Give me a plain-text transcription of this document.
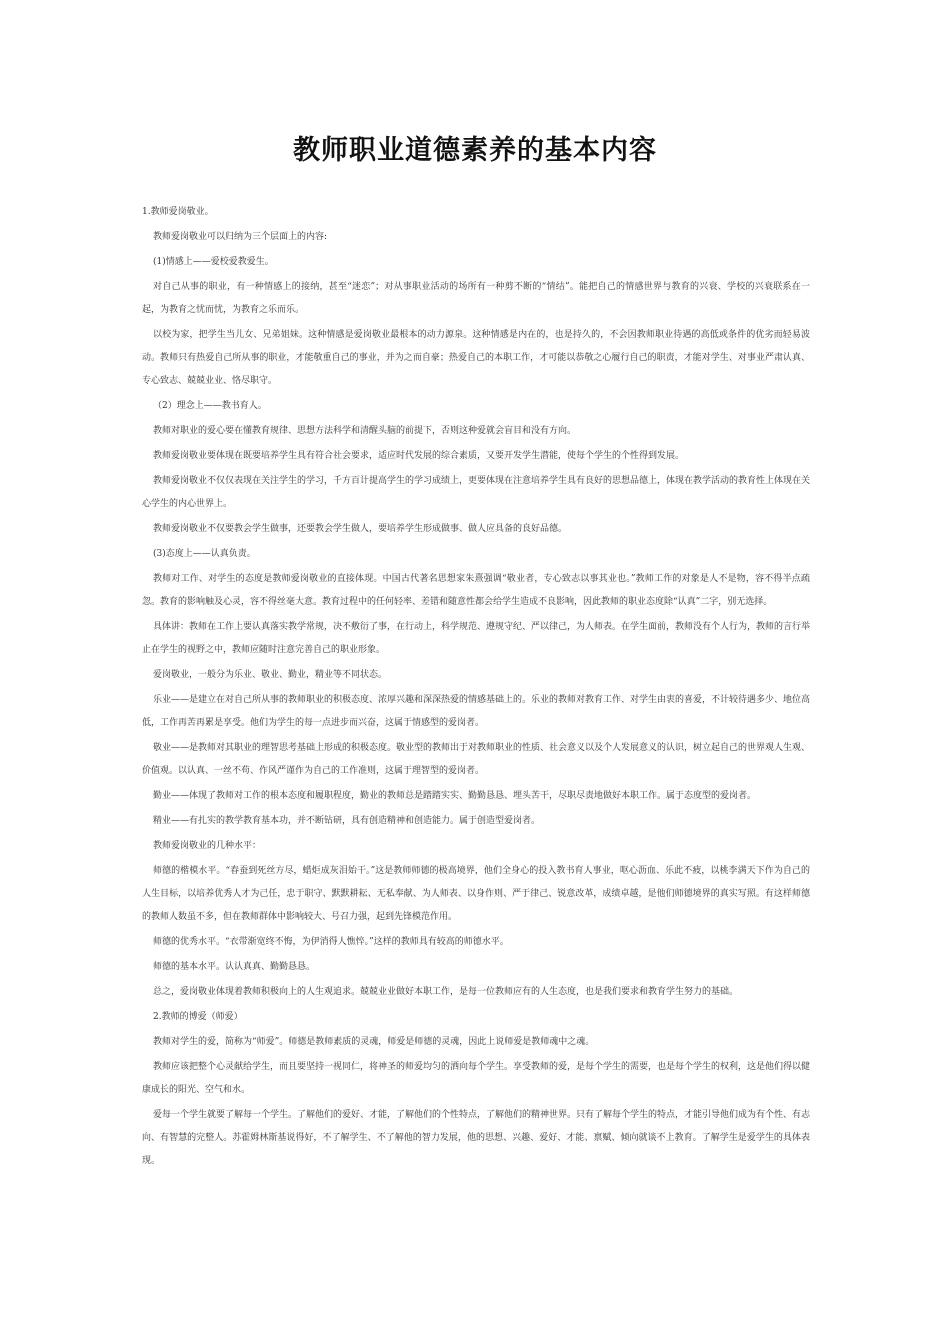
教师职业道德素养的基本内容

1.教师爱岗敬业。

教师爱岗敬业可以归纳为三个层面上的内容:

(1)情感上——爱校爱教爱生。

对自己从事的职业，有一种情感上的接纳，甚至“迷恋”；对从事职业活动的场所有一种剪不断的“情结”。能把自己的情感世界与教育的兴衰、学校的兴衰联系在一起，为教育之忧而忧，为教育之乐而乐。

以校为家，把学生当儿女、兄弟姐妹。这种情感是爱岗敬业最根本的动力源泉。这种情感是内在的，也是持久的，不会因教师职业待遇的高低或条件的优劣而轻易波动。教师只有热爱自己所从事的职业，才能敬重自己的事业，并为之而自豪；热爱自己的本职工作，才可能以恭敬之心履行自己的职责，才能对学生、对事业严肃认真、专心致志、兢兢业业、恪尽职守。

（2）理念上——教书育人。

教师对职业的爱心要在懂教育规律、思想方法科学和清醒头脑的前提下，否则这种爱就会盲目和没有方向。

教师爱岗敬业要体现在既要培养学生具有符合社会要求，适应时代发展的综合素质，又要开发学生潜能，使每个学生的个性得到发展。

教师爱岗敬业不仅仅表现在关注学生的学习，千方百计提高学生的学习成绩上，更要体现在注意培养学生具有良好的思想品德上，体现在教学活动的教育性上体现在关心学生的内心世界上。

教师爱岗敬业不仅要教会学生做事，还要教会学生做人，要培养学生形成做事、做人应具备的良好品德。

(3)态度上——认真负责。

教师对工作、对学生的态度是教师爱岗敬业的直接体现。中国古代著名思想家朱熹强调“敬业者，专心致志以事其业也。”教师工作的对象是人不是物，容不得半点疏忽。教育的影响触及心灵，容不得丝毫大意。教育过程中的任何轻率、差错和随意性都会给学生造成不良影响，因此教师的职业态度除“认真”二字，别无选择。

具体讲：教师在工作上要认真落实教学常规，决不敷衍了事，在行动上，科学规范、遵规守纪、严以律己，为人师表。在学生面前，教师没有个人行为，教师的言行举止在学生的视野之中，教师应随时注意完善自己的职业形象。

爱岗敬业，一般分为乐业、敬业、勤业，精业等不同状态。

乐业——是建立在对自己所从事的教师职业的积极态度、浓厚兴趣和深深热爱的情感基础上的。乐业的教师对教育工作、对学生由衷的喜爱，不计较待遇多少、地位高低，工作再苦再累是享受。他们为学生的每一点进步而兴奋，这属于情感型的爱岗者。

敬业——是教师对其职业的理智思考基础上形成的积极态度。敬业型的教师出于对教师职业的性质、社会意义以及个人发展意义的认识，树立起自己的世界观人生观、价值观。以认真、一丝不苟、作风严谨作为自己的工作准则，这属于理智型的爱岗者。

勤业——体现了教师对工作的根本态度和履职程度，勤业的教师总是踏踏实实、勤勤恳恳、埋头苦干，尽职尽责地做好本职工作。属于态度型的爱岗者。

精业——有扎实的教学教育基本功，并不断钻研，具有创造精神和创造能力。属于创造型爱岗者。

教师爱岗敬业的几种水平：

师德的楷模水平。“春蚕到死丝方尽，蜡炬成灰泪始干。”这是教师师德的极高境界，他们全身心的投入教书育人事业，呕心沥血、乐此不疲，以桃李满天下作为自己的人生目标，以培养优秀人才为己任，忠于职守、默默耕耘、无私奉献、为人师表、以身作则、严于律己、锐意改革，成绩卓越，是他们师德境界的真实写照。有这样师德的教师人数虽不多，但在教师群体中影响较大、号召力强，起到先锋模范作用。

师德的优秀水平。“衣带渐宽终不悔，为伊消得人憔悴。”这样的教师具有较高的师德水平。

师德的基本水平。认认真真、勤勤恳恳。

总之，爱岗敬业体现着教师积极向上的人生观追求。兢兢业业做好本职工作，是每一位教师应有的人生态度，也是我们要求和教育学生努力的基础。

2.教师的博爱（师爱）

教师对学生的爱，简称为“师爱”。师德是教师素质的灵魂，师爱是师德的灵魂，因此上说师爱是教师魂中之魂。

教师应该把整个心灵献给学生，而且要坚持一视同仁，将神圣的师爱均匀的洒向每个学生。享受教师的爱，是每个学生的需要，也是每个学生的权利，这是他们得以健康成长的阳光、空气和水。

爱每一个学生就要了解每一个学生。了解他们的爱好、才能，了解他们的个性特点，了解他们的精神世界。只有了解每个学生的特点，才能引导他们成为有个性、有志向、有智慧的完整人。苏霍姆林斯基说得好，不了解学生、不了解他的智力发展，他的思想、兴趣、爱好、才能、禀赋、倾向就谈不上教育。了解学生是爱学生的具体表现。
